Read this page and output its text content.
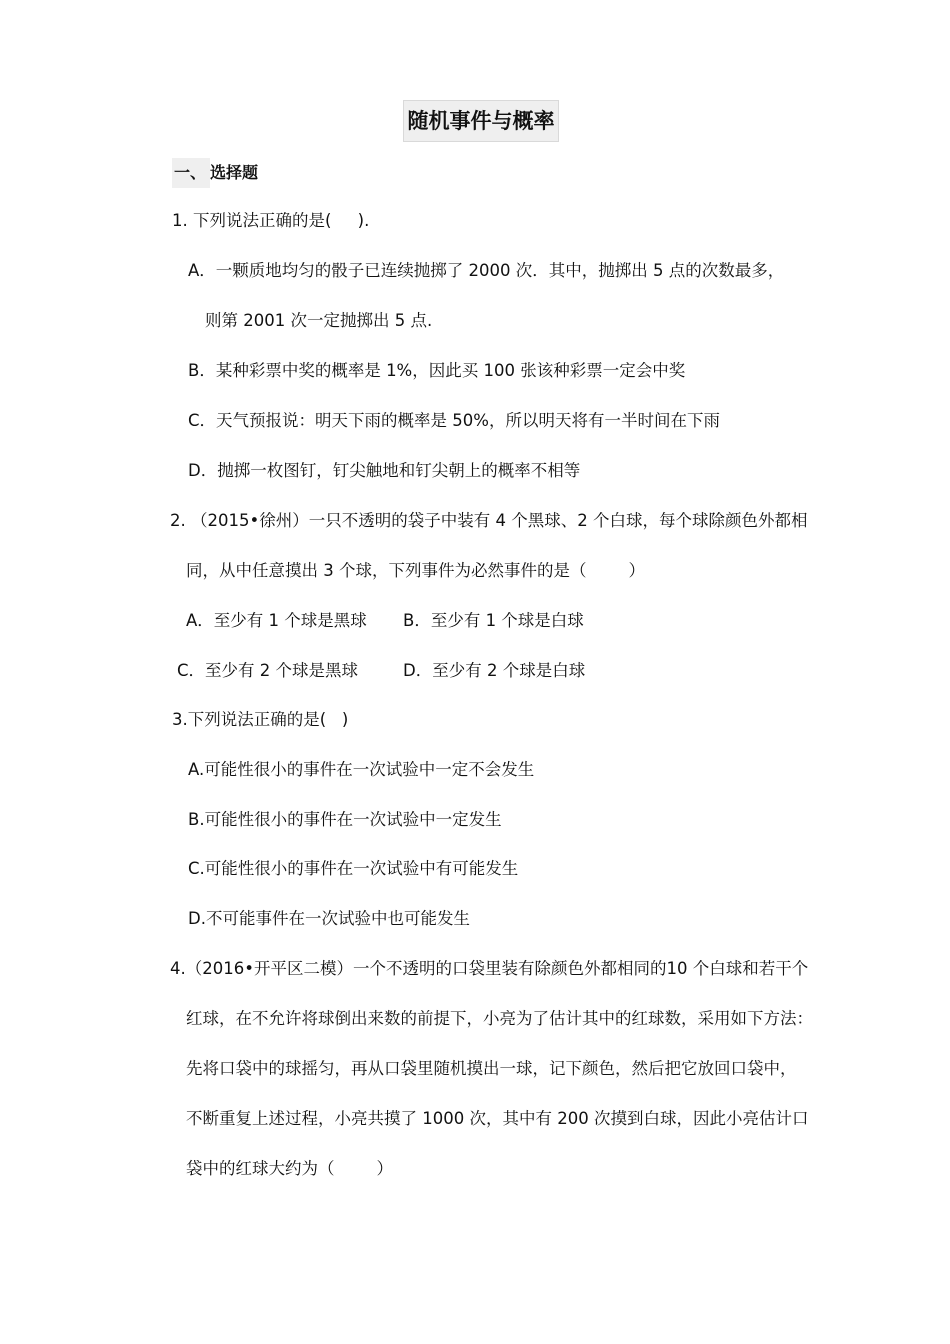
随机事件与概率
一、 选择题
1. 下列说法正确的是(     ).
A．一颗质地均匀的骰子已连续抛掷了 2000 次．其中，抛掷出 5 点的次数最多，
则第 2001 次一定抛掷出 5 点.
B．某种彩票中奖的概率是 1%，因此买 100 张该种彩票一定会中奖
C．天气预报说：明天下雨的概率是 50%，所以明天将有一半时间在下雨
D．抛掷一枚图钉，钉尖触地和钉尖朝上的概率不相等
2. （2015•徐州）一只不透明的袋子中装有 4 个黑球、2 个白球，每个球除颜色外都相
同，从中任意摸出 3 个球，下列事件为必然事件的是（        ）
A．至少有 1 个球是黑球 B．至少有 1 个球是白球
C．至少有 2 个球是黑球	D．至少有 2 个球是白球
3.下列说法正确的是(   )
A.可能性很小的事件在一次试验中一定不会发生
B.可能性很小的事件在一次试验中一定发生
C.可能性很小的事件在一次试验中有可能发生
D.不可能事件在一次试验中也可能发生
4.（2016•开平区二模）一个不透明的口袋里装有除颜色外都相同的10 个白球和若干个
红球，在不允许将球倒出来数的前提下，小亮为了估计其中的红球数，采用如下方法：
先将口袋中的球摇匀，再从口袋里随机摸出一球，记下颜色，然后把它放回口袋中，
不断重复上述过程，小亮共摸了 1000 次，其中有 200 次摸到白球，因此小亮估计口
袋中的红球大约为（        ）
